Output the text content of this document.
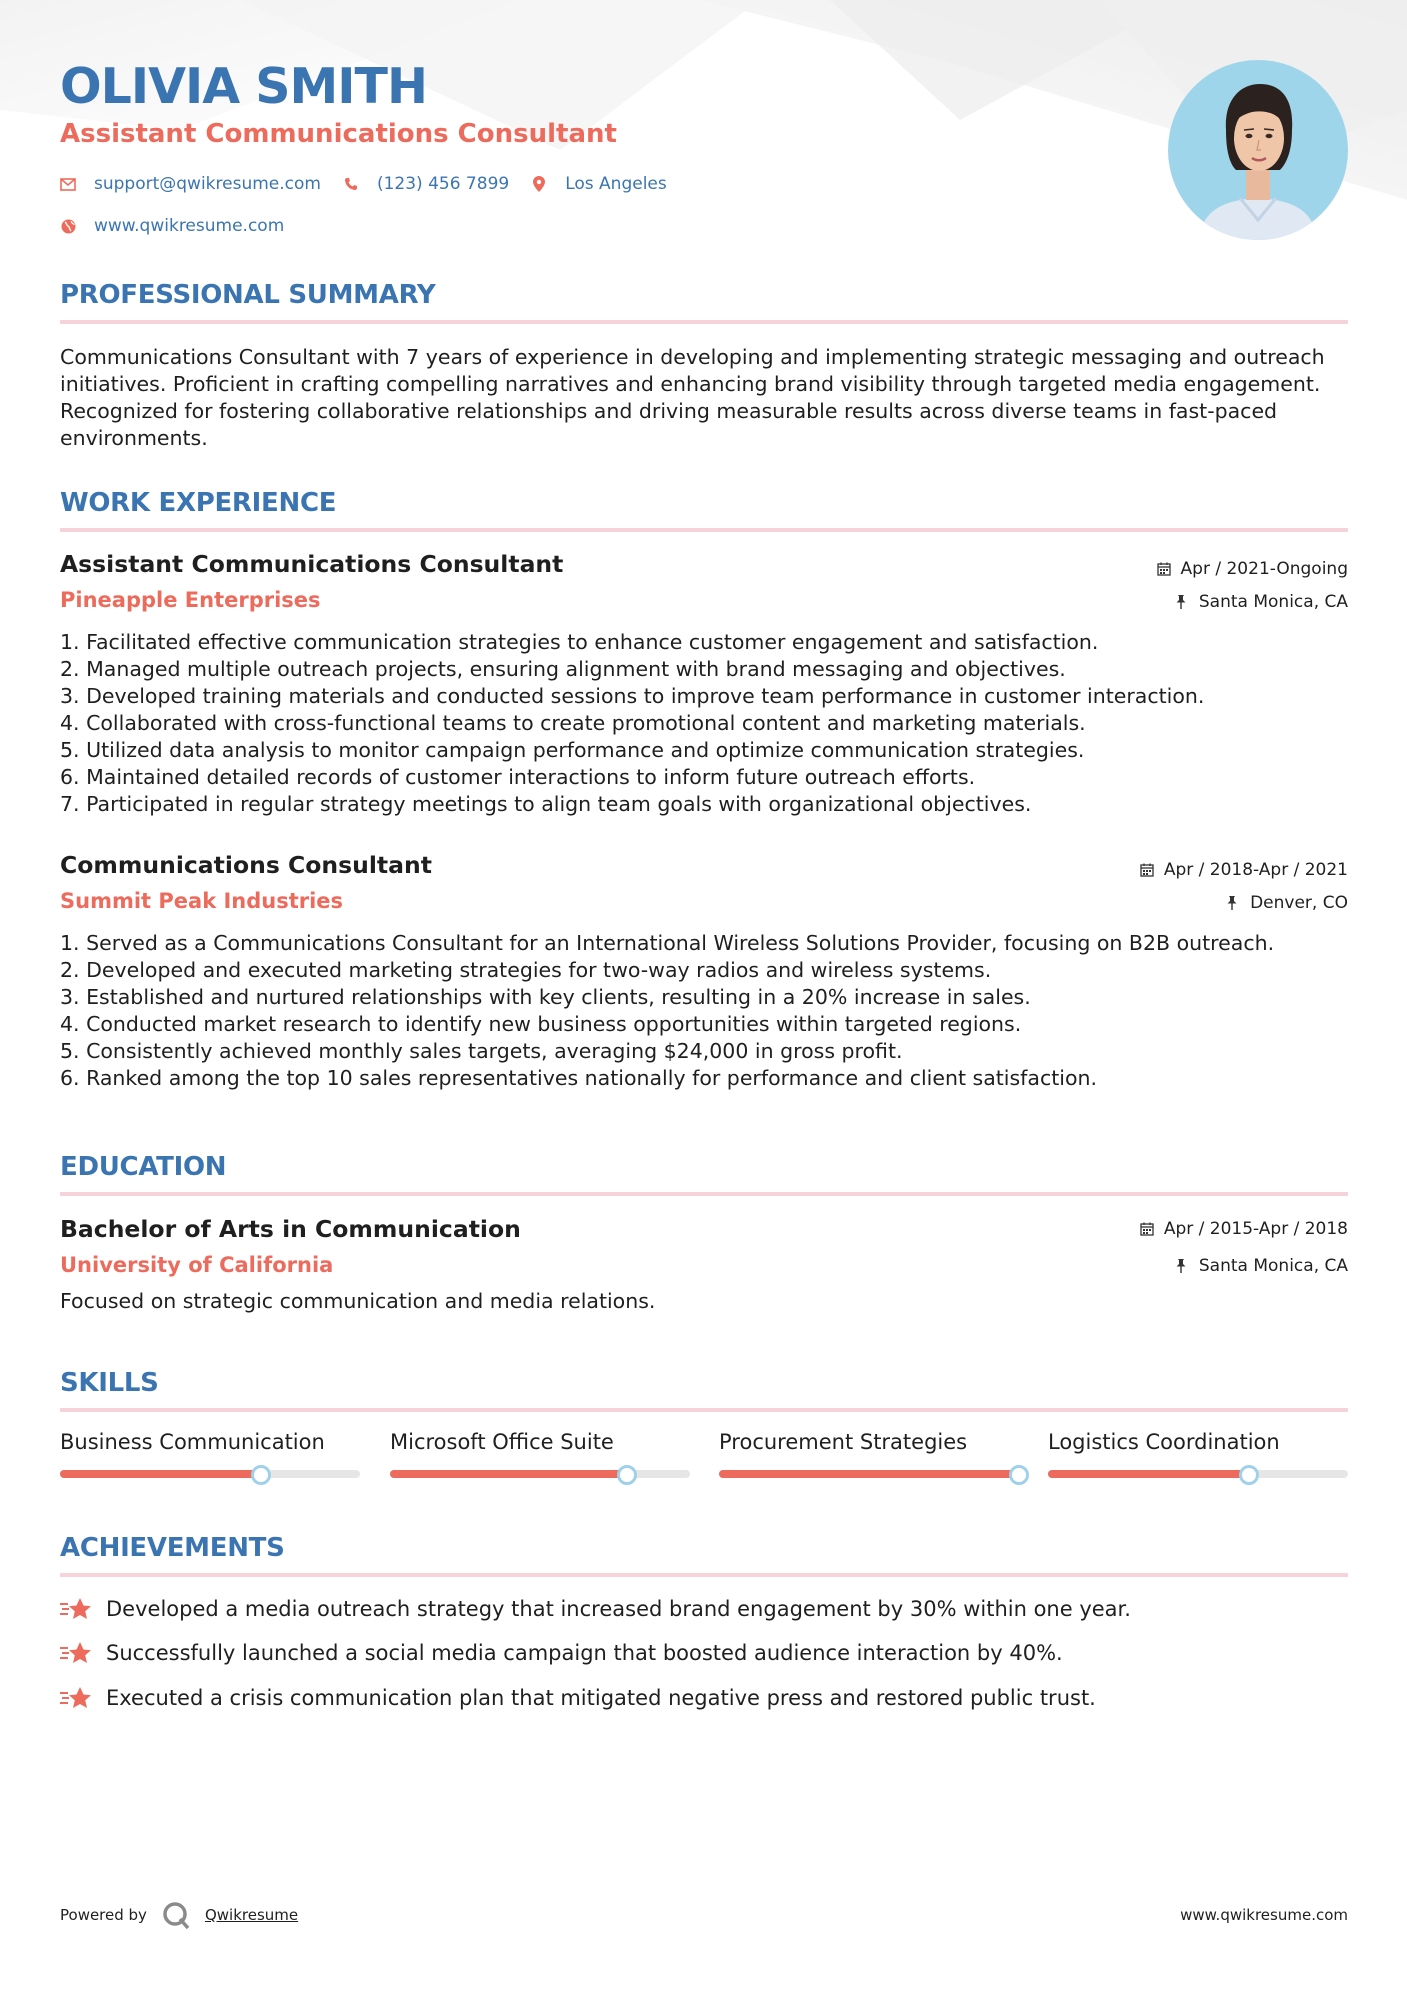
OLIVIA SMITH
Assistant Communications Consultant
support@qwikresume.com	(123) 456 7899	Los Angeles
www.qwikresume.com
PROFESSIONAL SUMMARY

Communications Consultant with 7 years of experience in developing and implementing strategic messaging and outreach initiatives. Proficient in crafting compelling narratives and enhancing brand visibility through targeted media engagement. Recognized for fostering collaborative relationships and driving measurable results across diverse teams in fast-paced environments.

WORK EXPERIENCE
Assistant Communications Consultant	Apr / 2021-Ongoing
Pineapple Enterprises	Santa Monica, CA
1. Facilitated effective communication strategies to enhance customer engagement and satisfaction.
2. Managed multiple outreach projects, ensuring alignment with brand messaging and objectives.
3. Developed training materials and conducted sessions to improve team performance in customer interaction.
4. Collaborated with cross-functional teams to create promotional content and marketing materials.
5. Utilized data analysis to monitor campaign performance and optimize communication strategies.
6. Maintained detailed records of customer interactions to inform future outreach efforts.
7. Participated in regular strategy meetings to align team goals with organizational objectives.
Communications Consultant	Apr / 2018-Apr / 2021
Summit Peak Industries	Denver, CO
1. Served as a Communications Consultant for an International Wireless Solutions Provider, focusing on B2B outreach.
2. Developed and executed marketing strategies for two-way radios and wireless systems.
3. Established and nurtured relationships with key clients, resulting in a 20% increase in sales.
4. Conducted market research to identify new business opportunities within targeted regions.
5. Consistently achieved monthly sales targets, averaging $24,000 in gross profit.
6. Ranked among the top 10 sales representatives nationally for performance and client satisfaction.
EDUCATION
Bachelor of Arts in Communication	Apr / 2015-Apr / 2018
University of California	Santa Monica, CA

Focused on strategic communication and media relations.

SKILLS
Business Communication	Microsoft Office Suite	Procurement Strategies	Logistics Coordination
ACHIEVEMENTS
Developed a media outreach strategy that increased brand engagement by 30% within one year.
Successfully launched a social media campaign that boosted audience interaction by 40%.
Executed a crisis communication plan that mitigated negative press and restored public trust.
Powered by	Qwikresume	www.qwikresume.com
